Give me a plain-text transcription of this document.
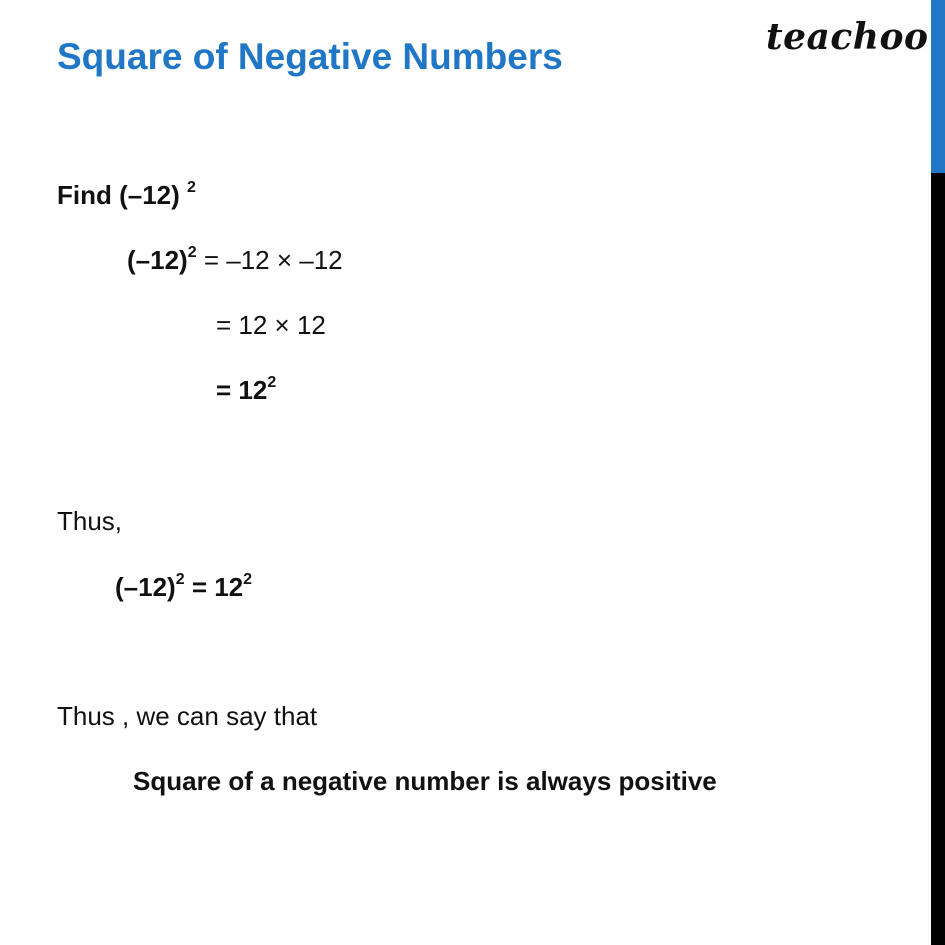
Square of Negative Numbers	teachoo
Find (–12) $^2$
$(-12)^2 = -12 \times -12$
= 12 × 12
= $12^2$
Thus,
$(-12)^2 = 12^2$
Thus , we can say that
Square of a negative number is always positive
